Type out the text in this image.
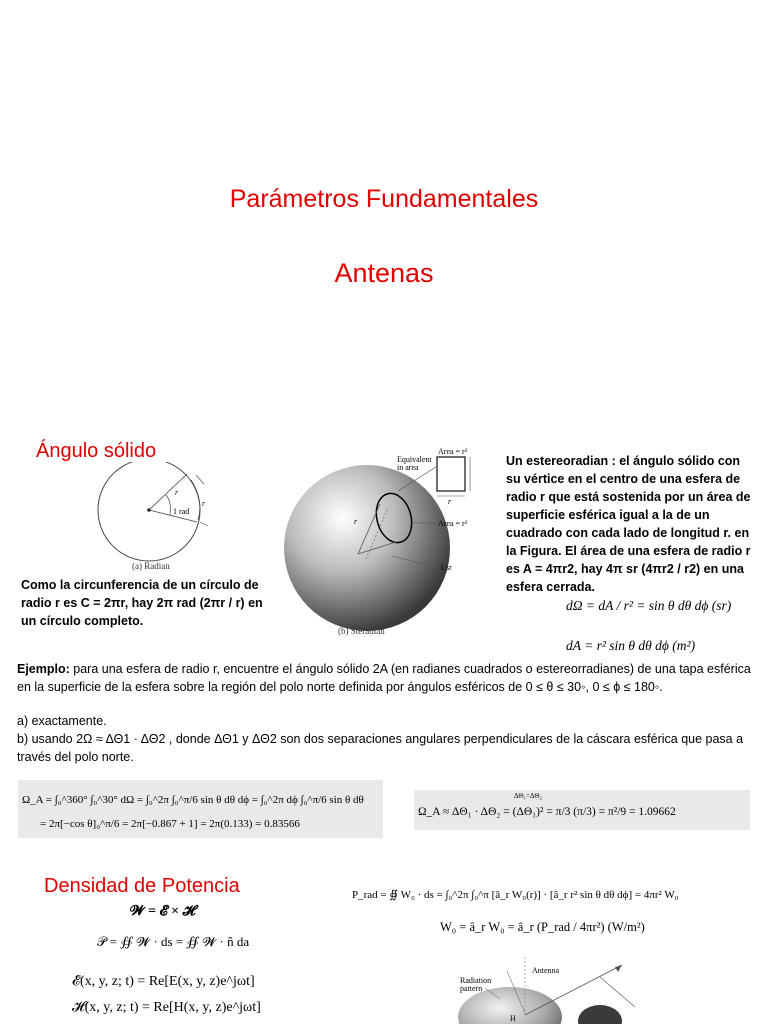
Parámetros Fundamentales
Antenas
Ángulo sólido
1 rad
r
r
(a) Radian
Equivalent
in area
Area = r²
Area = r²
r
r
1 sr
(b) Steradian
Como la circunferencia de un círculo de radio r es C = 2πr, hay 2π rad (2πr / r) en un círculo completo.
Un estereoradian : el ángulo sólido con su vértice en el centro de una esfera de radio r que está sostenida por un área de superficie esférica igual a la de un cuadrado con cada lado de longitud r. en la Figura. El área de una esfera de radio r es A = 4πr2, hay 4π sr (4πr2 / r2) en una esfera cerrada.
dΩ = dA / r² = sin θ dθ dϕ (sr)
dA = r² sin θ dθ dϕ (m²)
Ejemplo: para una esfera de radio r, encuentre el ángulo sólido 2A (en radianes cuadrados o estereorradianes) de una tapa esférica en la superficie de la esfera sobre la región del polo norte definida por ángulos esféricos de 0 ≤ θ ≤ 30◦, 0 ≤ ϕ ≤ 180◦.
a) exactamente.
b) usando 2Ω ≈ ΔΘ1 · ΔΘ2 , donde ΔΘ1 y ΔΘ2 son dos separaciones angulares perpendiculares de la cáscara esférica que pasa a través del polo norte.
Ω_A = ∫₀^360° ∫₀^30° dΩ = ∫₀^2π ∫₀^π/6 sin θ dθ dϕ = ∫₀^2π dϕ ∫₀^π/6 sin θ dθ
= 2π[−cos θ]₀^π/6 = 2π[−0.867 + 1] = 2π(0.133) = 0.83566
ΔΘ₁=ΔΘ₂
Ω_A ≈ ΔΘ₁ · ΔΘ₂ = (ΔΘ₁)² = π/3 (π/3) = π²/9 = 1.09662
Densidad de Potencia
𝓦 = 𝓔 × 𝓗
𝒫 = ∯ 𝓦 · ds = ∯ 𝓦 · n̂ da
𝓔(x, y, z; t) = Re[E(x, y, z)e^jωt]
𝓗(x, y, z; t) = Re[H(x, y, z)e^jωt]
P_rad = ∯ W₀ · ds = ∫₀^2π ∫₀^π [â_r W₀(r)] · [â_r r² sin θ dθ dϕ] = 4πr² W₀
W₀ = â_r W₀ = â_r (P_rad / 4πr²) (W/m²)
Antenna
Radiation
pattern
H
